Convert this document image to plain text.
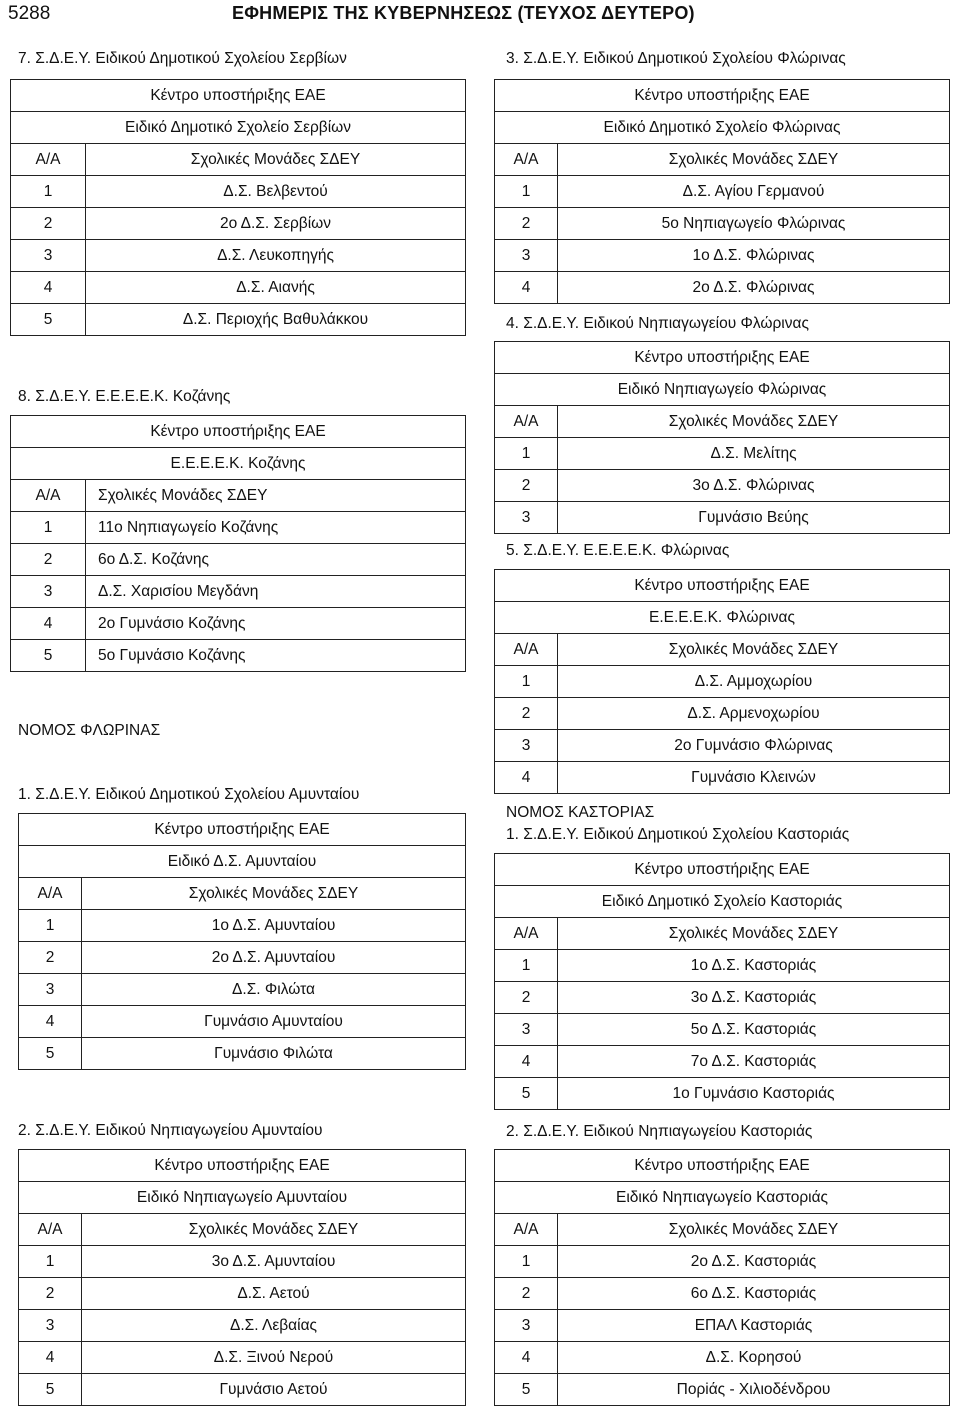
5288	ΕΦΗΜΕΡΙΣ ΤΗΣ ΚΥΒΕΡΝΗΣΕΩΣ (ΤΕΥΧΟΣ ΔΕΥΤΕΡΟ)
7. Σ.Δ.Ε.Υ. Ειδικού Δημοτικού Σχολείου Σερβίων
Κέντρο υποστήριξης ΕΑΕ	
Ειδικό Δημοτικό Σχολείο Σερβίων	
Α/Α	Σχολικές Μονάδες ΣΔΕΥ
1	Δ.Σ. Βελβεντού
2	2ο Δ.Σ. Σερβίων
3	Δ.Σ. Λευκοπηγής
4	Δ.Σ. Αιανής
5	Δ.Σ. Περιοχής Βαθυλάκκου
8. Σ.Δ.Ε.Υ. Ε.Ε.Ε.Ε.Κ. Κοζάνης
Κέντρο υποστήριξης ΕΑΕ	
Ε.Ε.Ε.Ε.Κ. Κοζάνης	
Α/Α	Σχολικές Μονάδες ΣΔΕΥ
1	11ο Νηπιαγωγείο Κοζάνης
2	6ο Δ.Σ. Κοζάνης
3	Δ.Σ. Χαρισίου Μεγδάνη
4	2ο Γυμνάσιο Κοζάνης
5	5ο Γυμνάσιο Κοζάνης
ΝΟΜΟΣ ΦΛΩΡΙΝΑΣ
1. Σ.Δ.Ε.Υ. Ειδικού Δημοτικού Σχολείου Αμυνταίου
Κέντρο υποστήριξης ΕΑΕ	
Ειδικό Δ.Σ. Αμυνταίου	
Α/Α	Σχολικές Μονάδες ΣΔΕΥ
1	1ο Δ.Σ. Αμυνταίου
2	2ο Δ.Σ. Αμυνταίου
3	Δ.Σ. Φιλώτα
4	Γυμνάσιο Αμυνταίου
5	Γυμνάσιο Φιλώτα
2. Σ.Δ.Ε.Υ. Ειδικού Νηπιαγωγείου Αμυνταίου
Κέντρο υποστήριξης ΕΑΕ	
Ειδικό Νηπιαγωγείο Αμυνταίου	
Α/Α	Σχολικές Μονάδες ΣΔΕΥ
1	3ο Δ.Σ. Αμυνταίου
2	Δ.Σ. Αετού
3	Δ.Σ. Λεβαίας
4	Δ.Σ. Ξινού Νερού
5	Γυμνάσιο Αετού
3. Σ.Δ.Ε.Υ. Ειδικού Δημοτικού Σχολείου Φλώρινας
Κέντρο υποστήριξης ΕΑΕ	
Ειδικό Δημοτικό Σχολείο Φλώρινας	
Α/Α	Σχολικές Μονάδες ΣΔΕΥ
1	Δ.Σ. Αγίου Γερμανού
2	5ο Νηπιαγωγείο Φλώρινας
3	1ο Δ.Σ. Φλώρινας
4	2ο Δ.Σ. Φλώρινας
4. Σ.Δ.Ε.Υ. Ειδικού Νηπιαγωγείου Φλώρινας
Κέντρο υποστήριξης ΕΑΕ	
Ειδικό Νηπιαγωγείο Φλώρινας	
Α/Α	Σχολικές Μονάδες ΣΔΕΥ
1	Δ.Σ. Μελίτης
2	3ο Δ.Σ. Φλώρινας
3	Γυμνάσιο Βεύης
5. Σ.Δ.Ε.Υ. Ε.Ε.Ε.Ε.Κ. Φλώρινας
Κέντρο υποστήριξης ΕΑΕ	
Ε.Ε.Ε.Ε.Κ. Φλώρινας	
Α/Α	Σχολικές Μονάδες ΣΔΕΥ
1	Δ.Σ. Αμμοχωρίου
2	Δ.Σ. Αρμενοχωρίου
3	2ο Γυμνάσιο Φλώρινας
4	Γυμνάσιο Κλεινών
ΝΟΜΟΣ ΚΑΣΤΟΡΙΑΣ
1. Σ.Δ.Ε.Υ. Ειδικού Δημοτικού Σχολείου Καστοριάς
Κέντρο υποστήριξης ΕΑΕ	
Ειδικό Δημοτικό Σχολείο Καστοριάς	
Α/Α	Σχολικές Μονάδες ΣΔΕΥ
1	1ο Δ.Σ. Καστοριάς
2	3ο Δ.Σ. Καστοριάς
3	5ο Δ.Σ. Καστοριάς
4	7ο Δ.Σ. Καστοριάς
5	1ο Γυμνάσιο Καστοριάς
2. Σ.Δ.Ε.Υ. Ειδικού Νηπιαγωγείου Καστοριάς
Κέντρο υποστήριξης ΕΑΕ	
Ειδικό Νηπιαγωγείο Καστοριάς	
Α/Α	Σχολικές Μονάδες ΣΔΕΥ
1	2ο Δ.Σ. Καστοριάς
2	6ο Δ.Σ. Καστοριάς
3	ΕΠΑΛ Καστοριάς
4	Δ.Σ. Κορησού
5	Πορiάς - Χιλιοδένδρου
